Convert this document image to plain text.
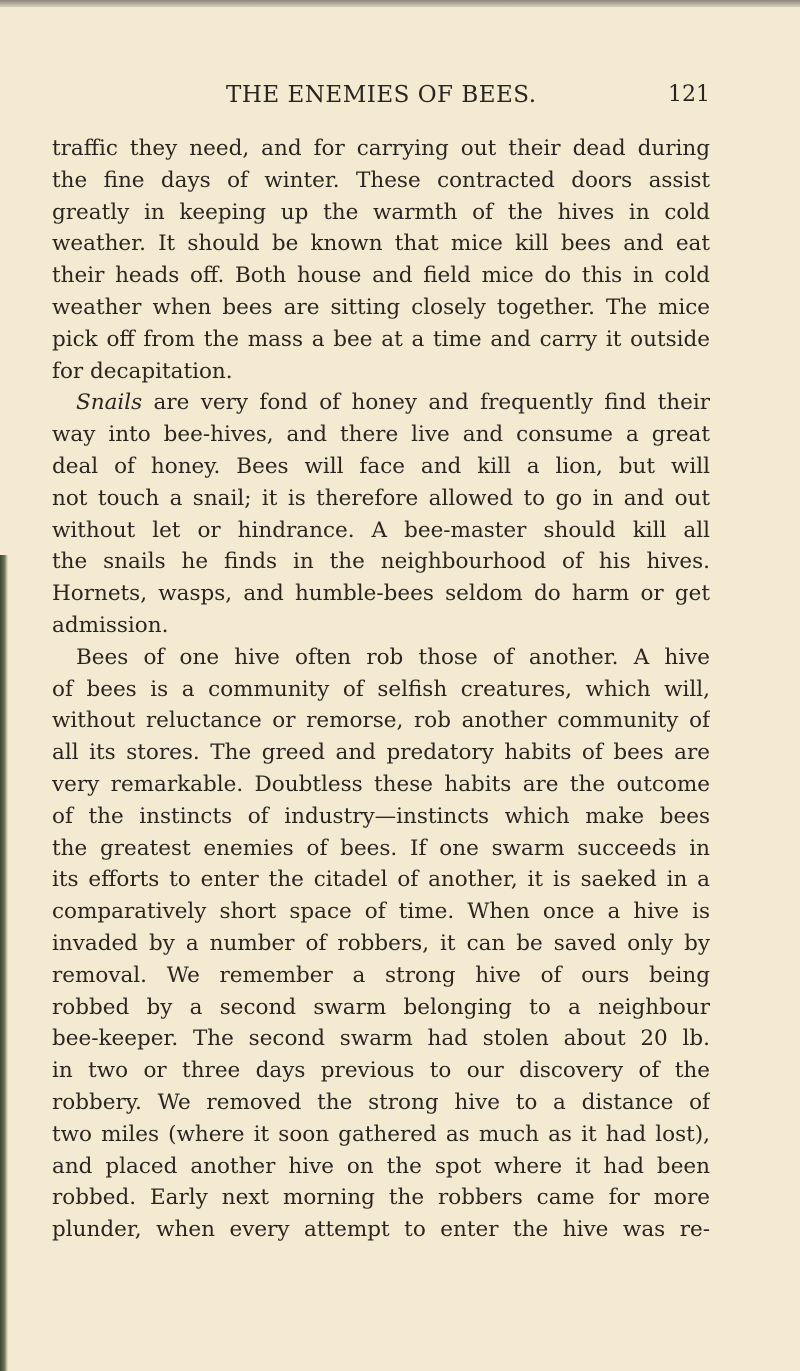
THE ENEMIES OF BEES.	121
traffic they need, and for carrying out their dead during
the fine days of winter. These contracted doors assist
greatly in keeping up the warmth of the hives in cold
weather. It should be known that mice kill bees and eat
their heads off. Both house and field mice do this in cold
weather when bees are sitting closely together. The mice
pick off from the mass a bee at a time and carry it outside
for decapitation.
Snails are very fond of honey and frequently find their
way into bee-hives, and there live and consume a great
deal of honey. Bees will face and kill a lion, but will
not touch a snail; it is therefore allowed to go in and out
without let or hindrance. A bee-master should kill all
the snails he finds in the neighbourhood of his hives.
Hornets, wasps, and humble-bees seldom do harm or get
admission.
Bees of one hive often rob those of another. A hive
of bees is a community of selfish creatures, which will,
without reluctance or remorse, rob another community of
all its stores. The greed and predatory habits of bees are
very remarkable. Doubtless these habits are the outcome
of the instincts of industry—instincts which make bees
the greatest enemies of bees. If one swarm succeeds in
its efforts to enter the citadel of another, it is saeked in a
comparatively short space of time. When once a hive is
invaded by a number of robbers, it can be saved only by
removal. We remember a strong hive of ours being
robbed by a second swarm belonging to a neighbour
bee-keeper. The second swarm had stolen about 20 lb.
in two or three days previous to our discovery of the
robbery. We removed the strong hive to a distance of
two miles (where it soon gathered as much as it had lost),
and placed another hive on the spot where it had been
robbed. Early next morning the robbers came for more
plunder, when every attempt to enter the hive was re-
